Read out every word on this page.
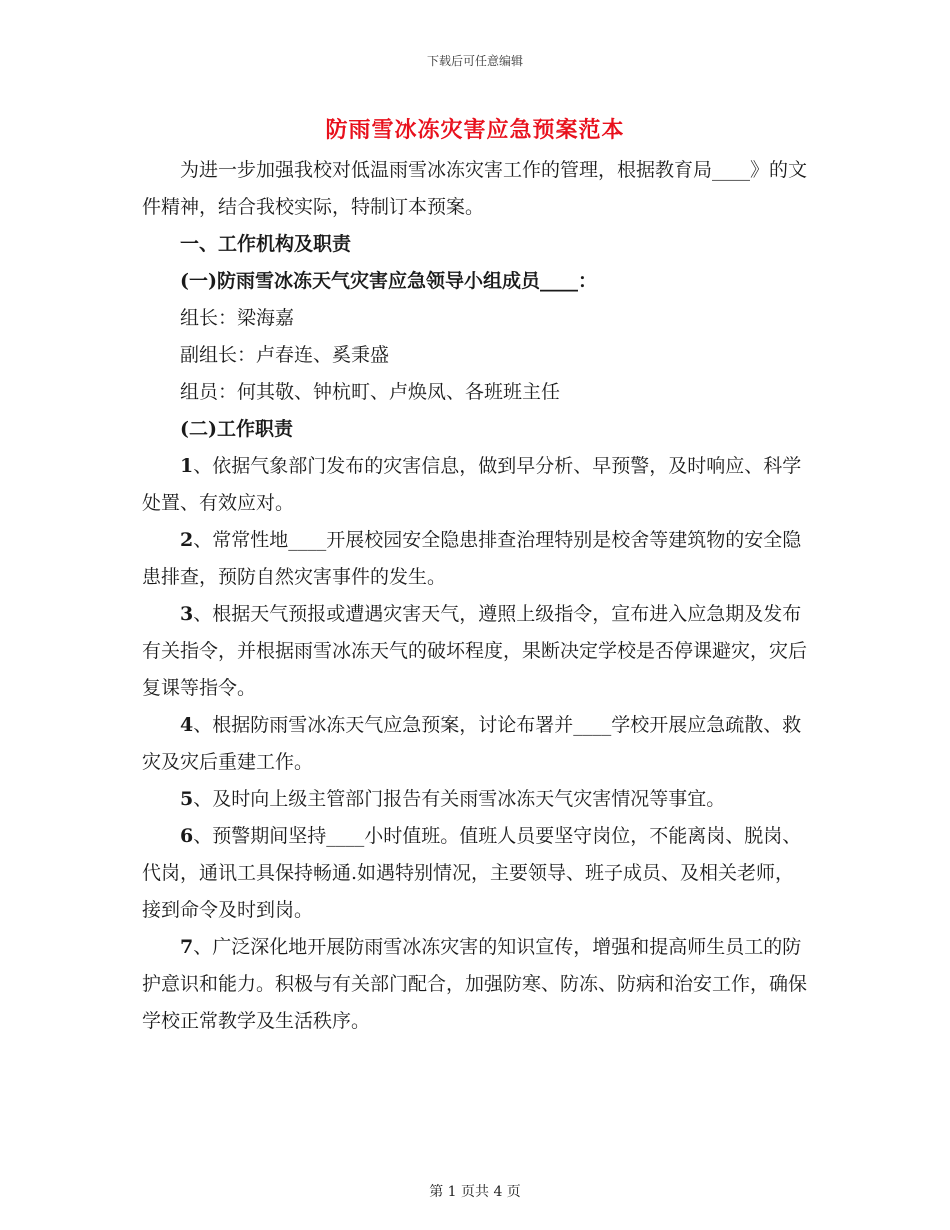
下载后可任意编辑
防雨雪冰冻灾害应急预案范本

为进一步加强我校对低温雨雪冰冻灾害工作的管理，根据教育局____》的文件精神，结合我校实际，特制订本预案。

一、工作机构及职责

(一)防雨雪冰冻天气灾害应急领导小组成员____：

组长：梁海嘉

副组长：卢春连、奚秉盛

组员：何其敬、钟杭町、卢焕凤、各班班主任

(二)工作职责

1、依据气象部门发布的灾害信息，做到早分析、早预警，及时响应、科学处置、有效应对。

2、常常性地____开展校园安全隐患排查治理特别是校舍等建筑物的安全隐患排查，预防自然灾害事件的发生。

3、根据天气预报或遭遇灾害天气，遵照上级指令，宣布进入应急期及发布有关指令，并根据雨雪冰冻天气的破坏程度，果断决定学校是否停课避灾，灾后复课等指令。

4、根据防雨雪冰冻天气应急预案，讨论布署并____学校开展应急疏散、救灾及灾后重建工作。

5、及时向上级主管部门报告有关雨雪冰冻天气灾害情况等事宜。

6、预警期间坚持____小时值班。值班人员要坚守岗位，不能离岗、脱岗、代岗，通讯工具保持畅通.如遇特别情况，主要领导、班子成员、及相关老师，接到命令及时到岗。

7、广泛深化地开展防雨雪冰冻灾害的知识宣传，增强和提高师生员工的防护意识和能力。积极与有关部门配合，加强防寒、防冻、防病和治安工作，确保学校正常教学及生活秩序。

第 1 页共 4 页
